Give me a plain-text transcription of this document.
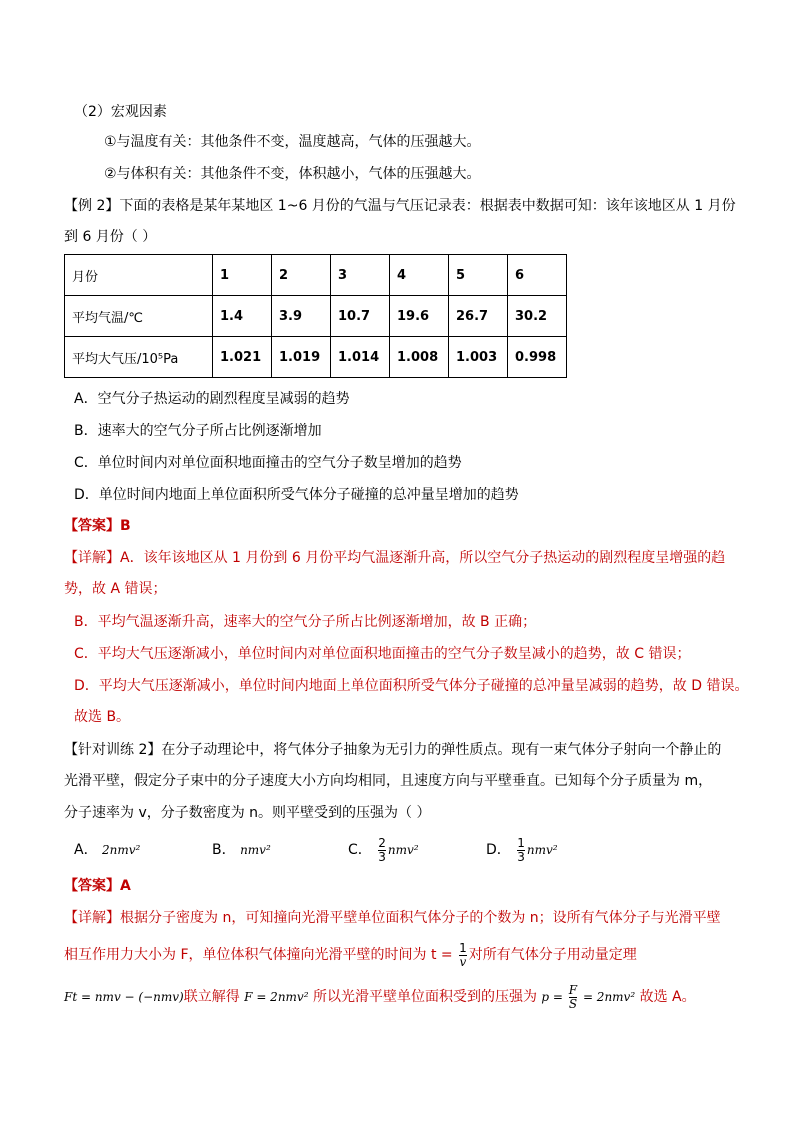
（2）宏观因素
①与温度有关：其他条件不变，温度越高，气体的压强越大。
②与体积有关：其他条件不变，体积越小，气体的压强越大。
【例 2】下面的表格是某年某地区 1~6 月份的气温与气压记录表：根据表中数据可知：该年该地区从 1 月份
到 6 月份（ ）
月份	1	2	3	4	5	6
平均气温/℃	1.4	3.9	10.7	19.6	26.7	30.2
平均大气压/10⁵Pa	1.021	1.019	1.014	1.008	1.003	0.998
A．空气分子热运动的剧烈程度呈减弱的趋势
B．速率大的空气分子所占比例逐渐增加
C．单位时间内对单位面积地面撞击的空气分子数呈增加的趋势
D．单位时间内地面上单位面积所受气体分子碰撞的总冲量呈增加的趋势
【答案】B
【详解】A．该年该地区从 1 月份到 6 月份平均气温逐渐升高，所以空气分子热运动的剧烈程度呈增强的趋
势，故 A 错误；
B．平均气温逐渐升高，速率大的空气分子所占比例逐渐增加，故 B 正确；
C．平均大气压逐渐减小，单位时间内对单位面积地面撞击的空气分子数呈减小的趋势，故 C 错误；
D．平均大气压逐渐减小，单位时间内地面上单位面积所受气体分子碰撞的总冲量呈减弱的趋势，故 D 错误。
故选 B。
【针对训练 2】在分子动理论中，将气体分子抽象为无引力的弹性质点。现有一束气体分子射向一个静止的
光滑平壁，假定分子束中的分子速度大小方向均相同，且速度方向与平壁垂直。已知每个分子质量为 m，
分子速率为 v，分子数密度为 n。则平壁受到的压强为（ ）
A． 2nmv²	B． nmv²	C． $\frac{2}{3} nmv^2$	D． $\frac{1}{3} nmv^2$
【答案】A
【详解】根据分子密度为 n，可知撞向光滑平壁单位面积气体分子的个数为 n；设所有气体分子与光滑平壁
相互作用力大小为 F，单位体积气体撞向光滑平壁的时间为 $t = \frac{1}{v}$ 对所有气体分子用动量定理
Ft = nmv − (−nmv)联立解得 F = 2nmv² 所以光滑平壁单位面积受到的压强为 $p = \frac{F}{S} = 2nmv^2$ 故选 A。
